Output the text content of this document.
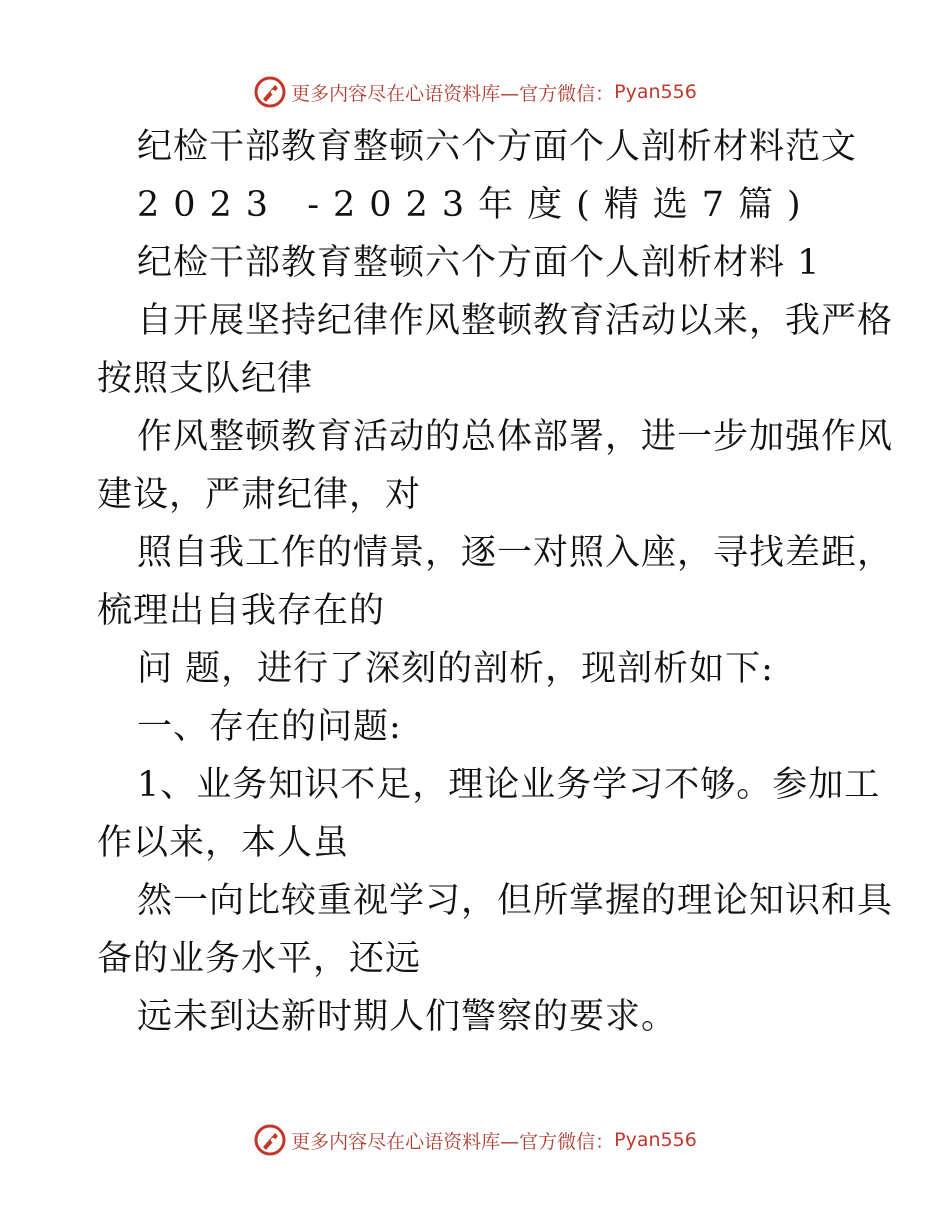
更多内容尽在心语资料库—官方微信： Pyan556
纪检干部教育整顿六个方面个人剖析材料范文
2023 -2023年度(精选7篇)
纪检干部教育整顿六个方面个人剖析材料 1
自开展坚持纪律作风整顿教育活动以来，我严格
按照支队纪律
作风整顿教育活动的总体部署，进一步加强作风
建设，严肃纪律，对
照自我工作的情景，逐一对照入座，寻找差距，
梳理出自我存在的
问 题，进行了深刻的剖析，现剖析如下:
一、存在的问题:
1、业务知识不足，理论业务学习不够。参加工
作以来，本人虽
然一向比较重视学习，但所掌握的理论知识和具
备的业务水平，还远
远未到达新时期人们警察的要求。
更多内容尽在心语资料库—官方微信： Pyan556
